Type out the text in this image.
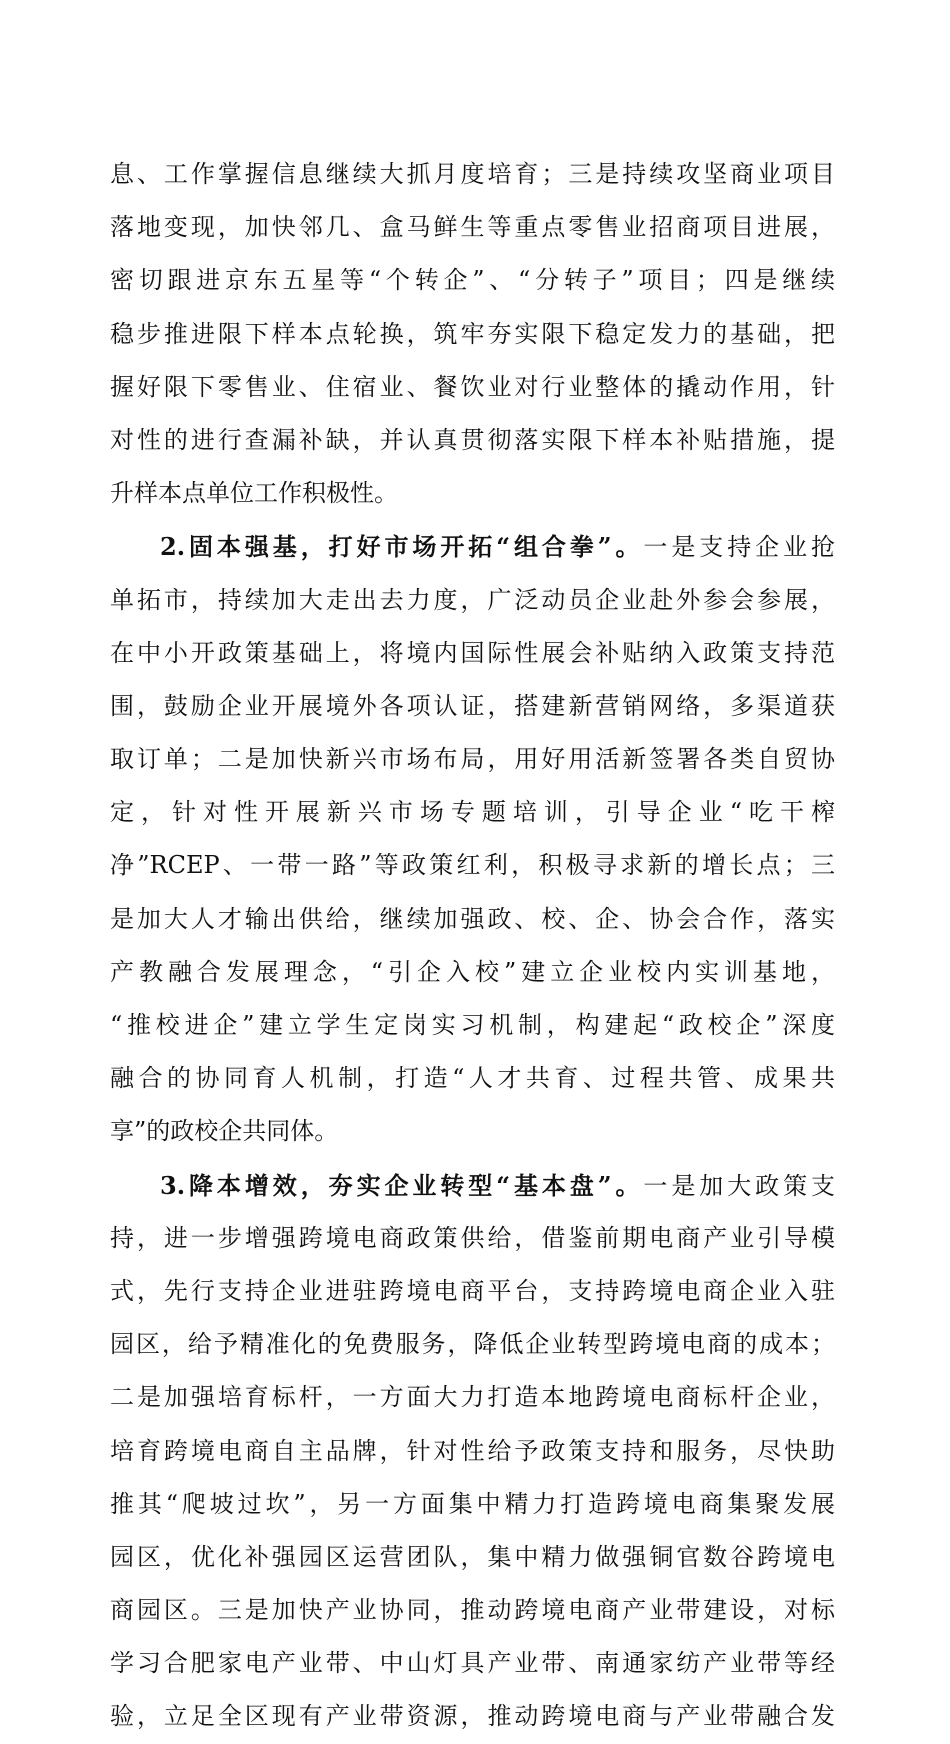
息、工作掌握信息继续大抓月度培育；三是持续攻坚商业项目
落地变现，加快邻几、盒马鲜生等重点零售业招商项目进展，
密切跟进京东五星等“个转企”、“分转子”项目；四是继续
稳步推进限下样本点轮换，筑牢夯实限下稳定发力的基础，把
握好限下零售业、住宿业、餐饮业对行业整体的撬动作用，针
对性的进行查漏补缺，并认真贯彻落实限下样本补贴措施，提
升样本点单位工作积极性。
2.固本强基，打好市场开拓“组合拳”。一是支持企业抢
单拓市，持续加大走出去力度，广泛动员企业赴外参会参展，
在中小开政策基础上，将境内国际性展会补贴纳入政策支持范
围，鼓励企业开展境外各项认证，搭建新营销网络，多渠道获
取订单；二是加快新兴市场布局，用好用活新签署各类自贸协
定，针对性开展新兴市场专题培训，引导企业“吃干榨
净”RCEP、一带一路”等政策红利，积极寻求新的增长点；三
是加大人才输出供给，继续加强政、校、企、协会合作，落实
产教融合发展理念，“引企入校”建立企业校内实训基地，
“推校进企”建立学生定岗实习机制，构建起“政校企”深度
融合的协同育人机制，打造“人才共育、过程共管、成果共
享”的政校企共同体。
3.降本增效，夯实企业转型“基本盘”。一是加大政策支
持，进一步增强跨境电商政策供给，借鉴前期电商产业引导模
式，先行支持企业进驻跨境电商平台，支持跨境电商企业入驻
园区，给予精准化的免费服务，降低企业转型跨境电商的成本；
二是加强培育标杆，一方面大力打造本地跨境电商标杆企业，
培育跨境电商自主品牌，针对性给予政策支持和服务，尽快助
推其“爬坡过坎”，另一方面集中精力打造跨境电商集聚发展
园区，优化补强园区运营团队，集中精力做强铜官数谷跨境电
商园区。三是加快产业协同，推动跨境电商产业带建设，对标
学习合肥家电产业带、中山灯具产业带、南通家纺产业带等经
验，立足全区现有产业带资源，推动跨境电商与产业带融合发
